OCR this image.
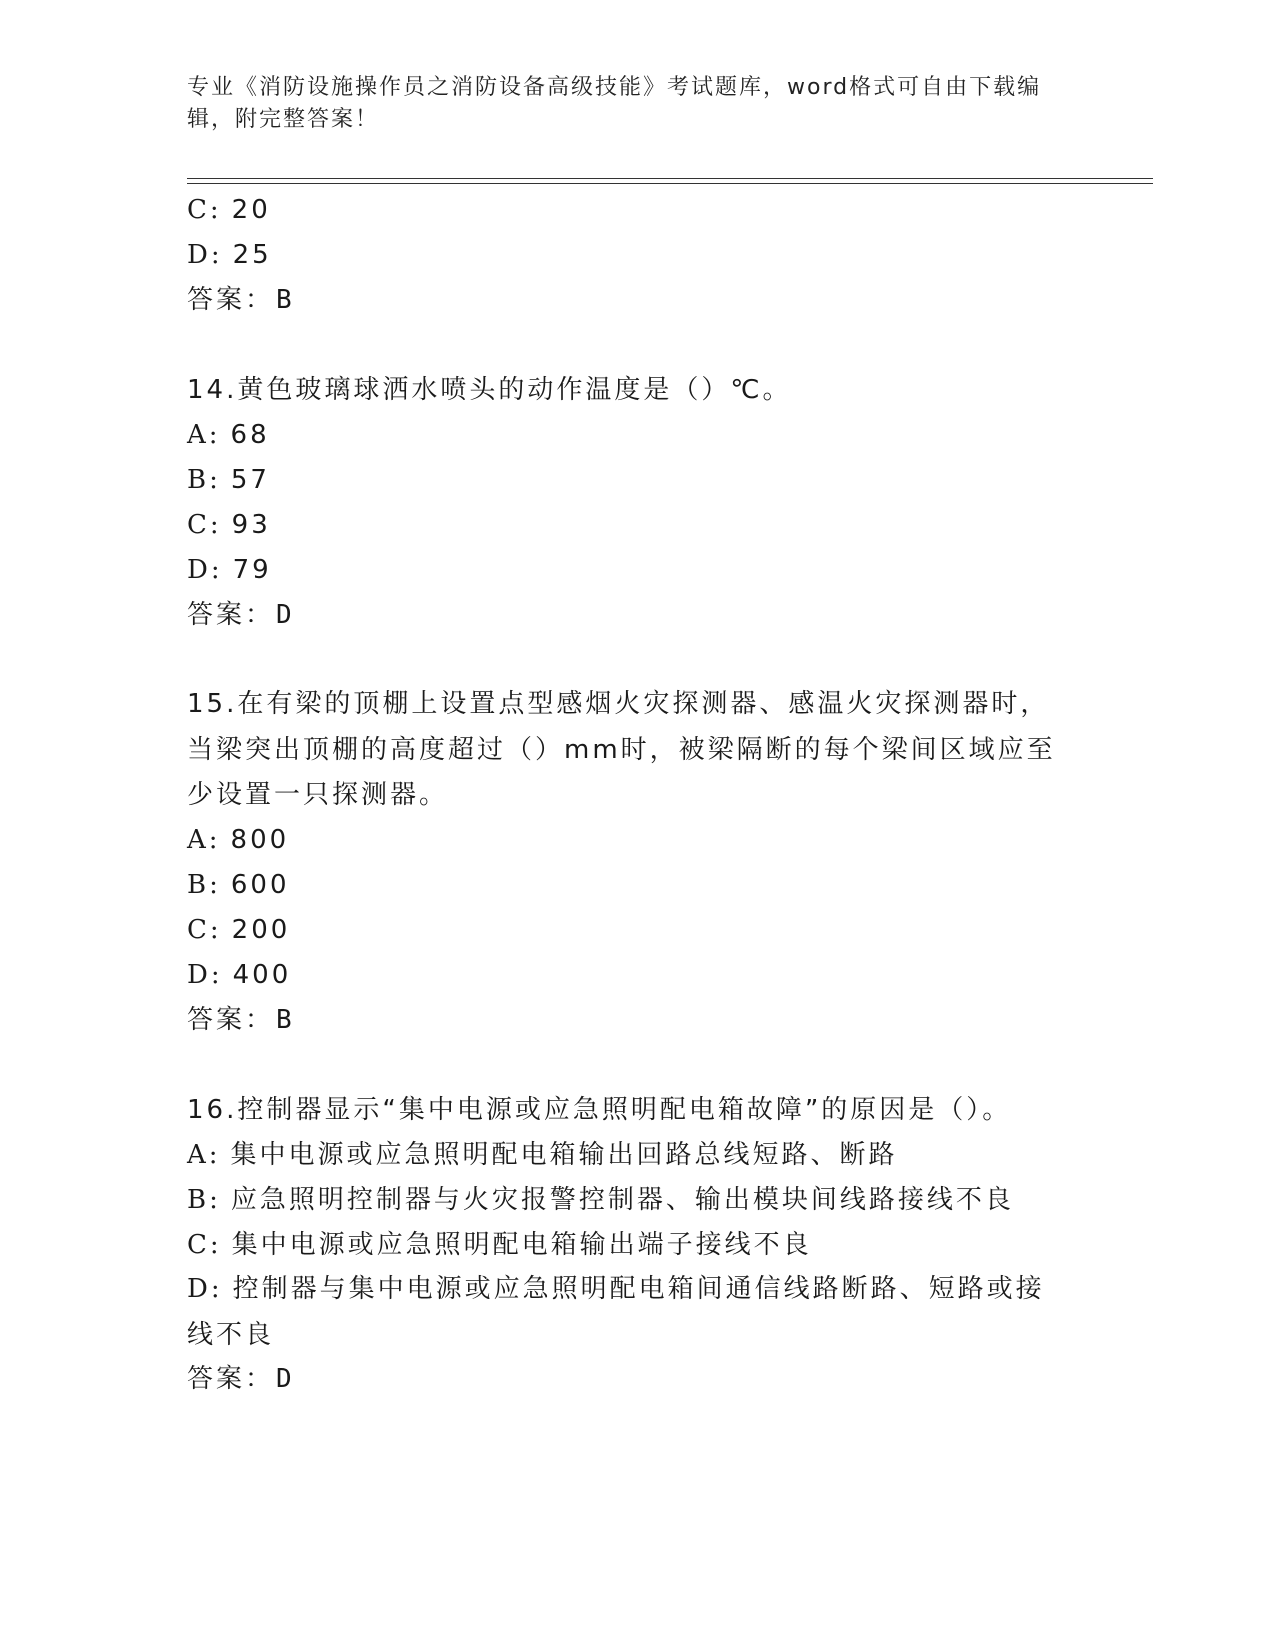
专业《消防设施操作员之消防设备高级技能》考试题库，word格式可自由下载编辑，附完整答案！
C: 20
D: 25
答案：B
14.黄色玻璃球洒水喷头的动作温度是（）℃。
A: 68
B: 57
C: 93
D: 79
答案：D
15.在有梁的顶棚上设置点型感烟火灾探测器、感温火灾探测器时，当梁突出顶棚的高度超过（）mm时，被梁隔断的每个梁间区域应至少设置一只探测器。
A: 800
B: 600
C: 200
D: 400
答案：B
16.控制器显示“集中电源或应急照明配电箱故障”的原因是（）。
A: 集中电源或应急照明配电箱输出回路总线短路、断路
B: 应急照明控制器与火灾报警控制器、输出模块间线路接线不良
C: 集中电源或应急照明配电箱输出端子接线不良
D: 控制器与集中电源或应急照明配电箱间通信线路断路、短路或接线不良
答案：D
